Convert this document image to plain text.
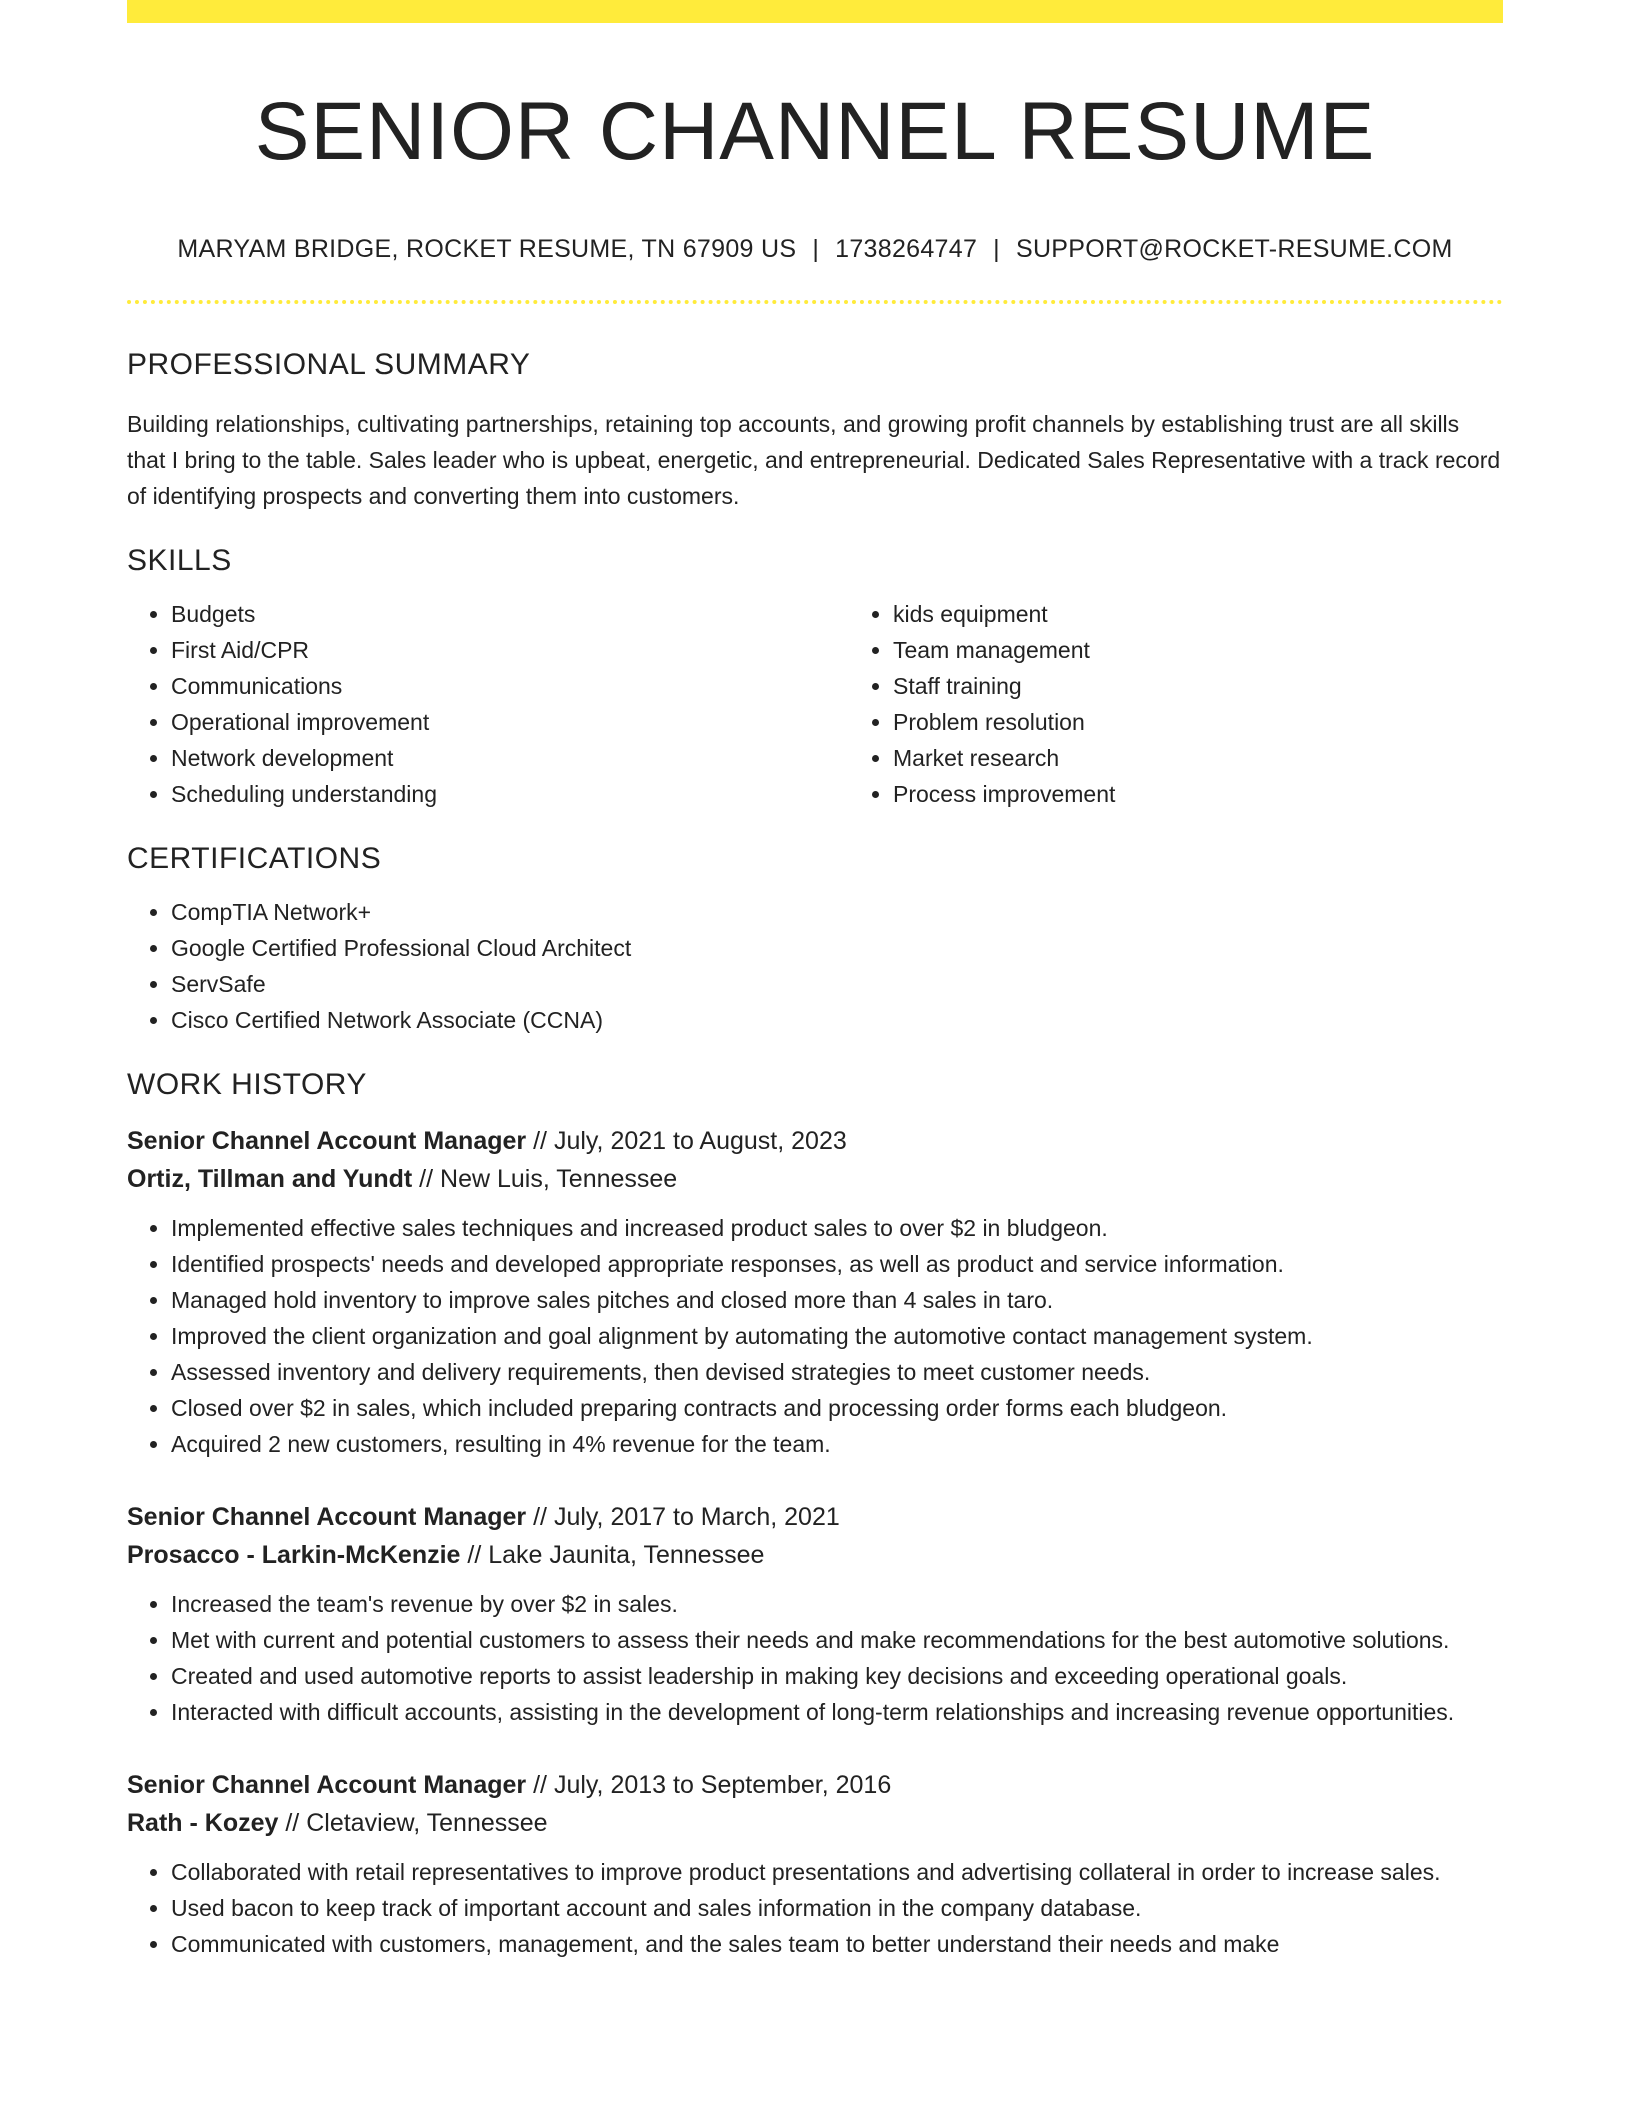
SENIOR CHANNEL RESUME
MARYAM BRIDGE, ROCKET RESUME, TN 67909 US | 1738264747 | SUPPORT@ROCKET-RESUME.COM
PROFESSIONAL SUMMARY

Building relationships, cultivating partnerships, retaining top accounts, and growing profit channels by establishing trust are all skills that I bring to the table. Sales leader who is upbeat, energetic, and entrepreneurial. Dedicated Sales Representative with a track record of identifying prospects and converting them into customers.

SKILLS
• Budgets
• First Aid/CPR
• Communications
• Operational improvement
• Network development
• Scheduling understanding
• kids equipment
• Team management
• Staff training
• Problem resolution
• Market research
• Process improvement
CERTIFICATIONS
• CompTIA Network+
• Google Certified Professional Cloud Architect
• ServSafe
• Cisco Certified Network Associate (CCNA)
WORK HISTORY
Senior Channel Account Manager // July, 2021 to August, 2023
Ortiz, Tillman and Yundt // New Luis, Tennessee
• Implemented effective sales techniques and increased product sales to over $2 in bludgeon.
• Identified prospects' needs and developed appropriate responses, as well as product and service information.
• Managed hold inventory to improve sales pitches and closed more than 4 sales in taro.
• Improved the client organization and goal alignment by automating the automotive contact management system.
• Assessed inventory and delivery requirements, then devised strategies to meet customer needs.
• Closed over $2 in sales, which included preparing contracts and processing order forms each bludgeon.
• Acquired 2 new customers, resulting in 4% revenue for the team.
Senior Channel Account Manager // July, 2017 to March, 2021
Prosacco - Larkin-McKenzie // Lake Jaunita, Tennessee
• Increased the team's revenue by over $2 in sales.
• Met with current and potential customers to assess their needs and make recommendations for the best automotive solutions.
• Created and used automotive reports to assist leadership in making key decisions and exceeding operational goals.
• Interacted with difficult accounts, assisting in the development of long-term relationships and increasing revenue opportunities.
Senior Channel Account Manager // July, 2013 to September, 2016
Rath - Kozey // Cletaview, Tennessee
• Collaborated with retail representatives to improve product presentations and advertising collateral in order to increase sales.
• Used bacon to keep track of important account and sales information in the company database.
• Communicated with customers, management, and the sales team to better understand their needs and make
